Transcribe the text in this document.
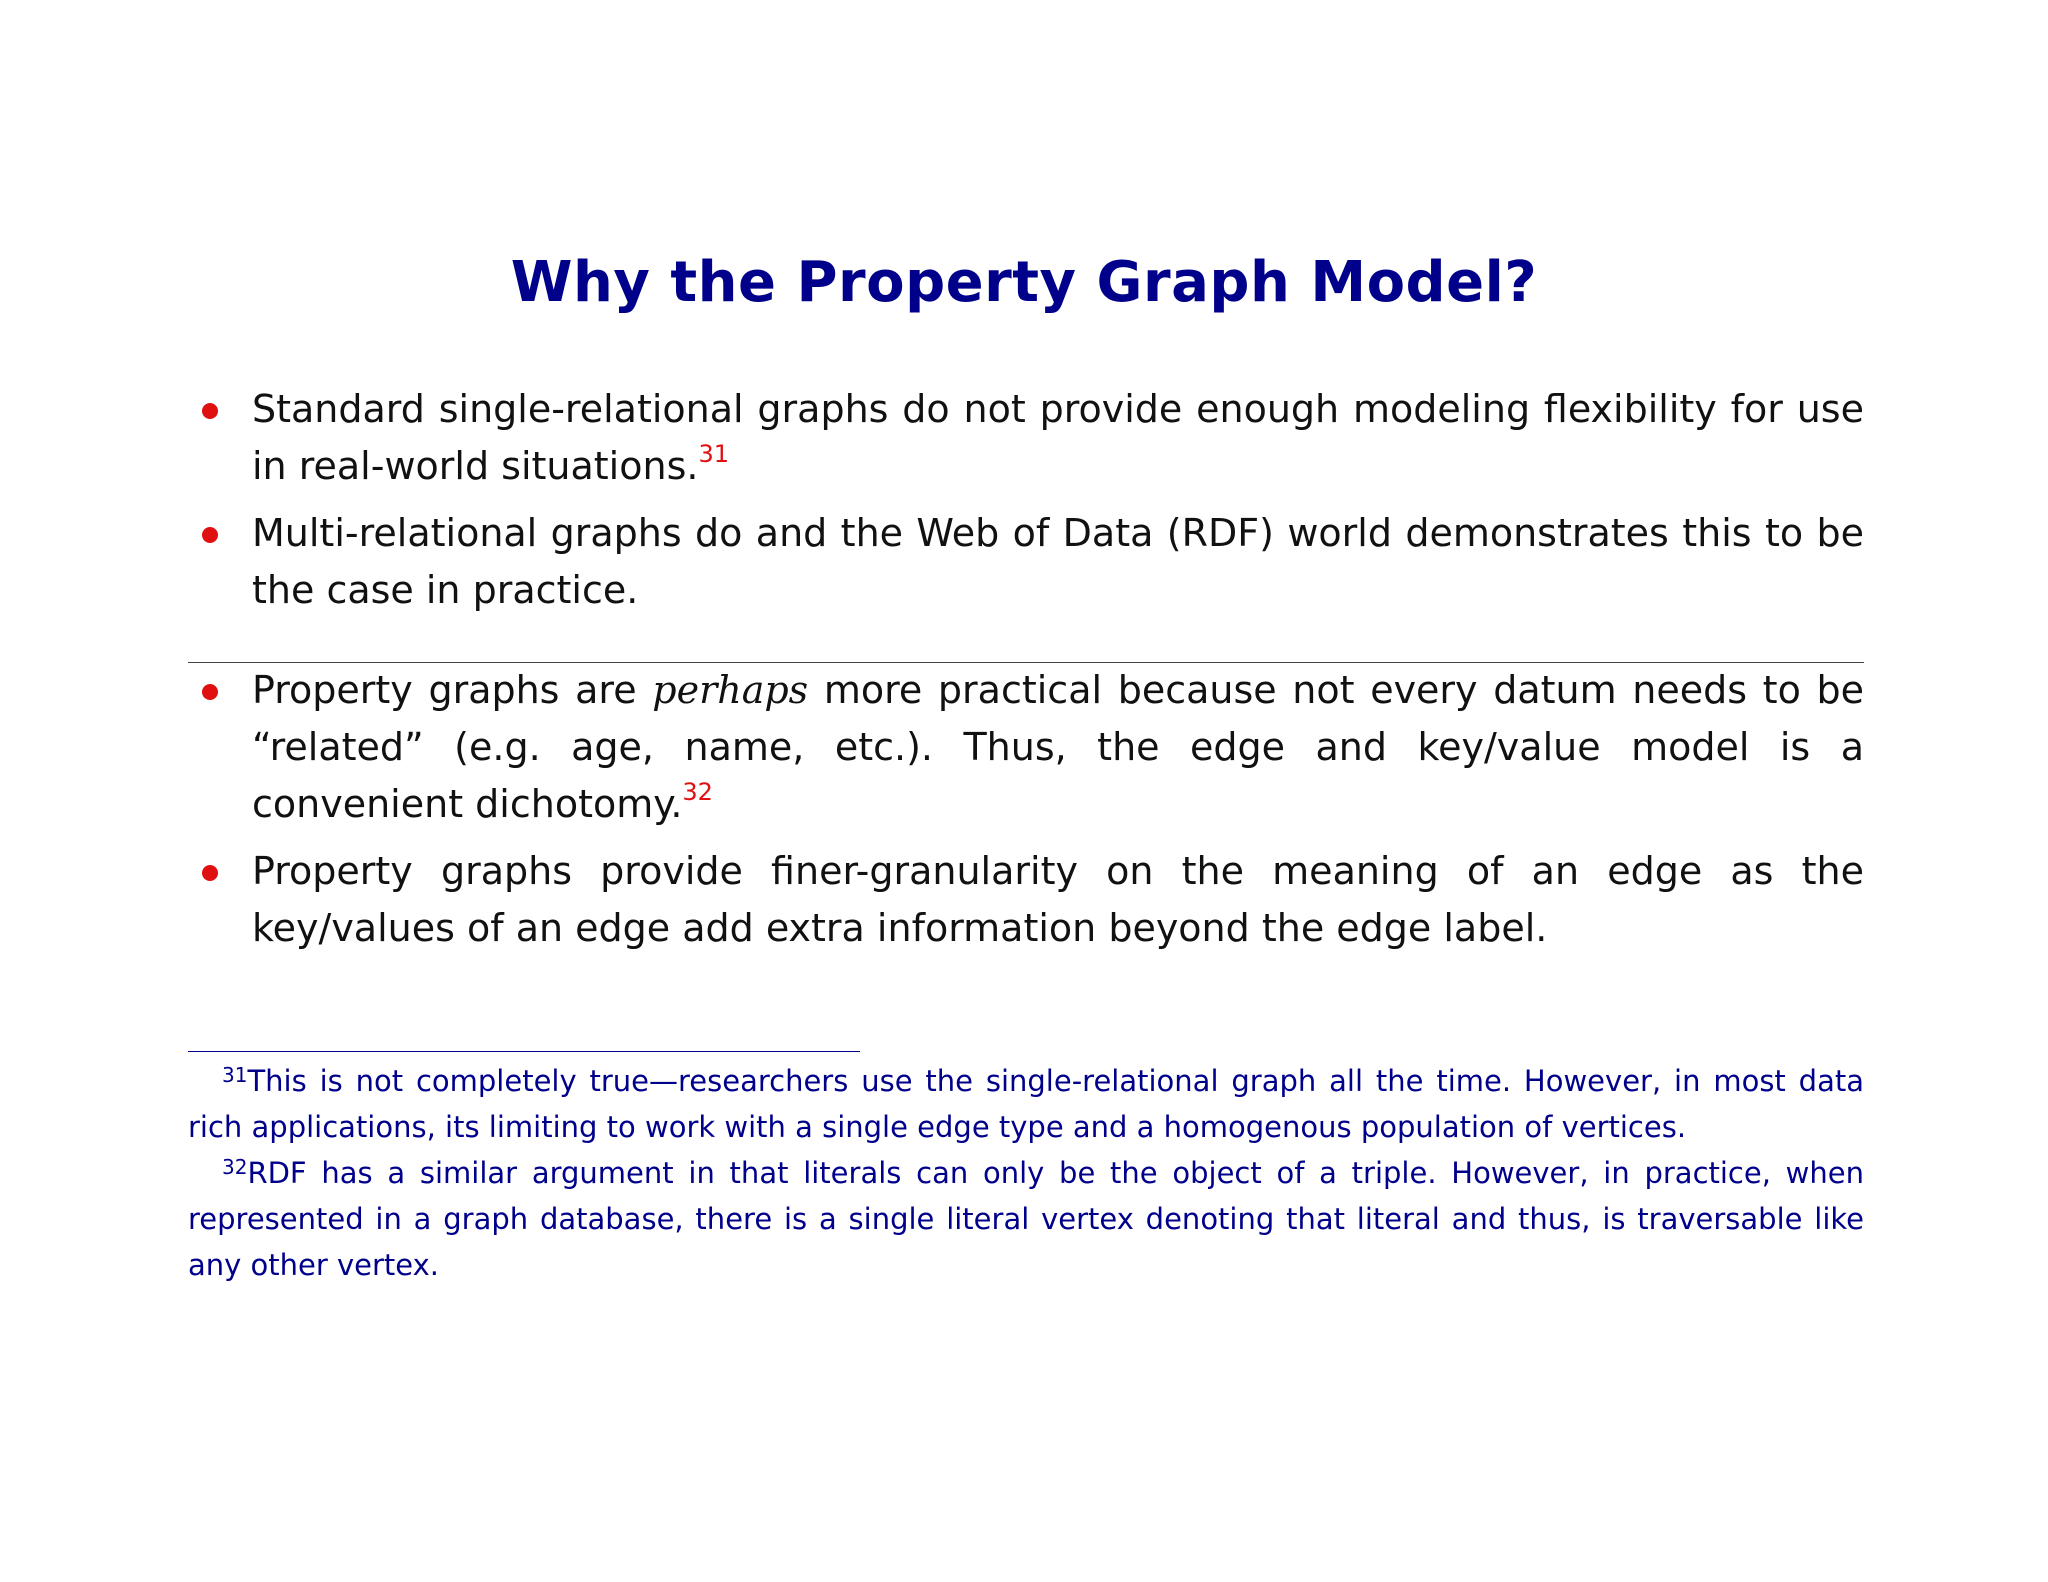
Why the Property Graph Model?
Standard single-relational graphs do not provide enough modeling flexibility for use in real-world situations.$^{31}$
Multi-relational graphs do and the Web of Data (RDF) world demonstrates this to be the case in practice.
Property graphs are perhaps more practical because not every datum needs to be “related” (e.g. age, name, etc.). Thus, the edge and key/value model is a convenient dichotomy.$^{32}$
Property graphs provide finer-granularity on the meaning of an edge as the key/values of an edge add extra information beyond the edge label.

$^{31}$This is not completely true—researchers use the single-relational graph all the time. However, in most data rich applications, its limiting to work with a single edge type and a homogenous population of vertices.

$^{32}$RDF has a similar argument in that literals can only be the object of a triple. However, in practice, when represented in a graph database, there is a single literal vertex denoting that literal and thus, is traversable like any other vertex.
